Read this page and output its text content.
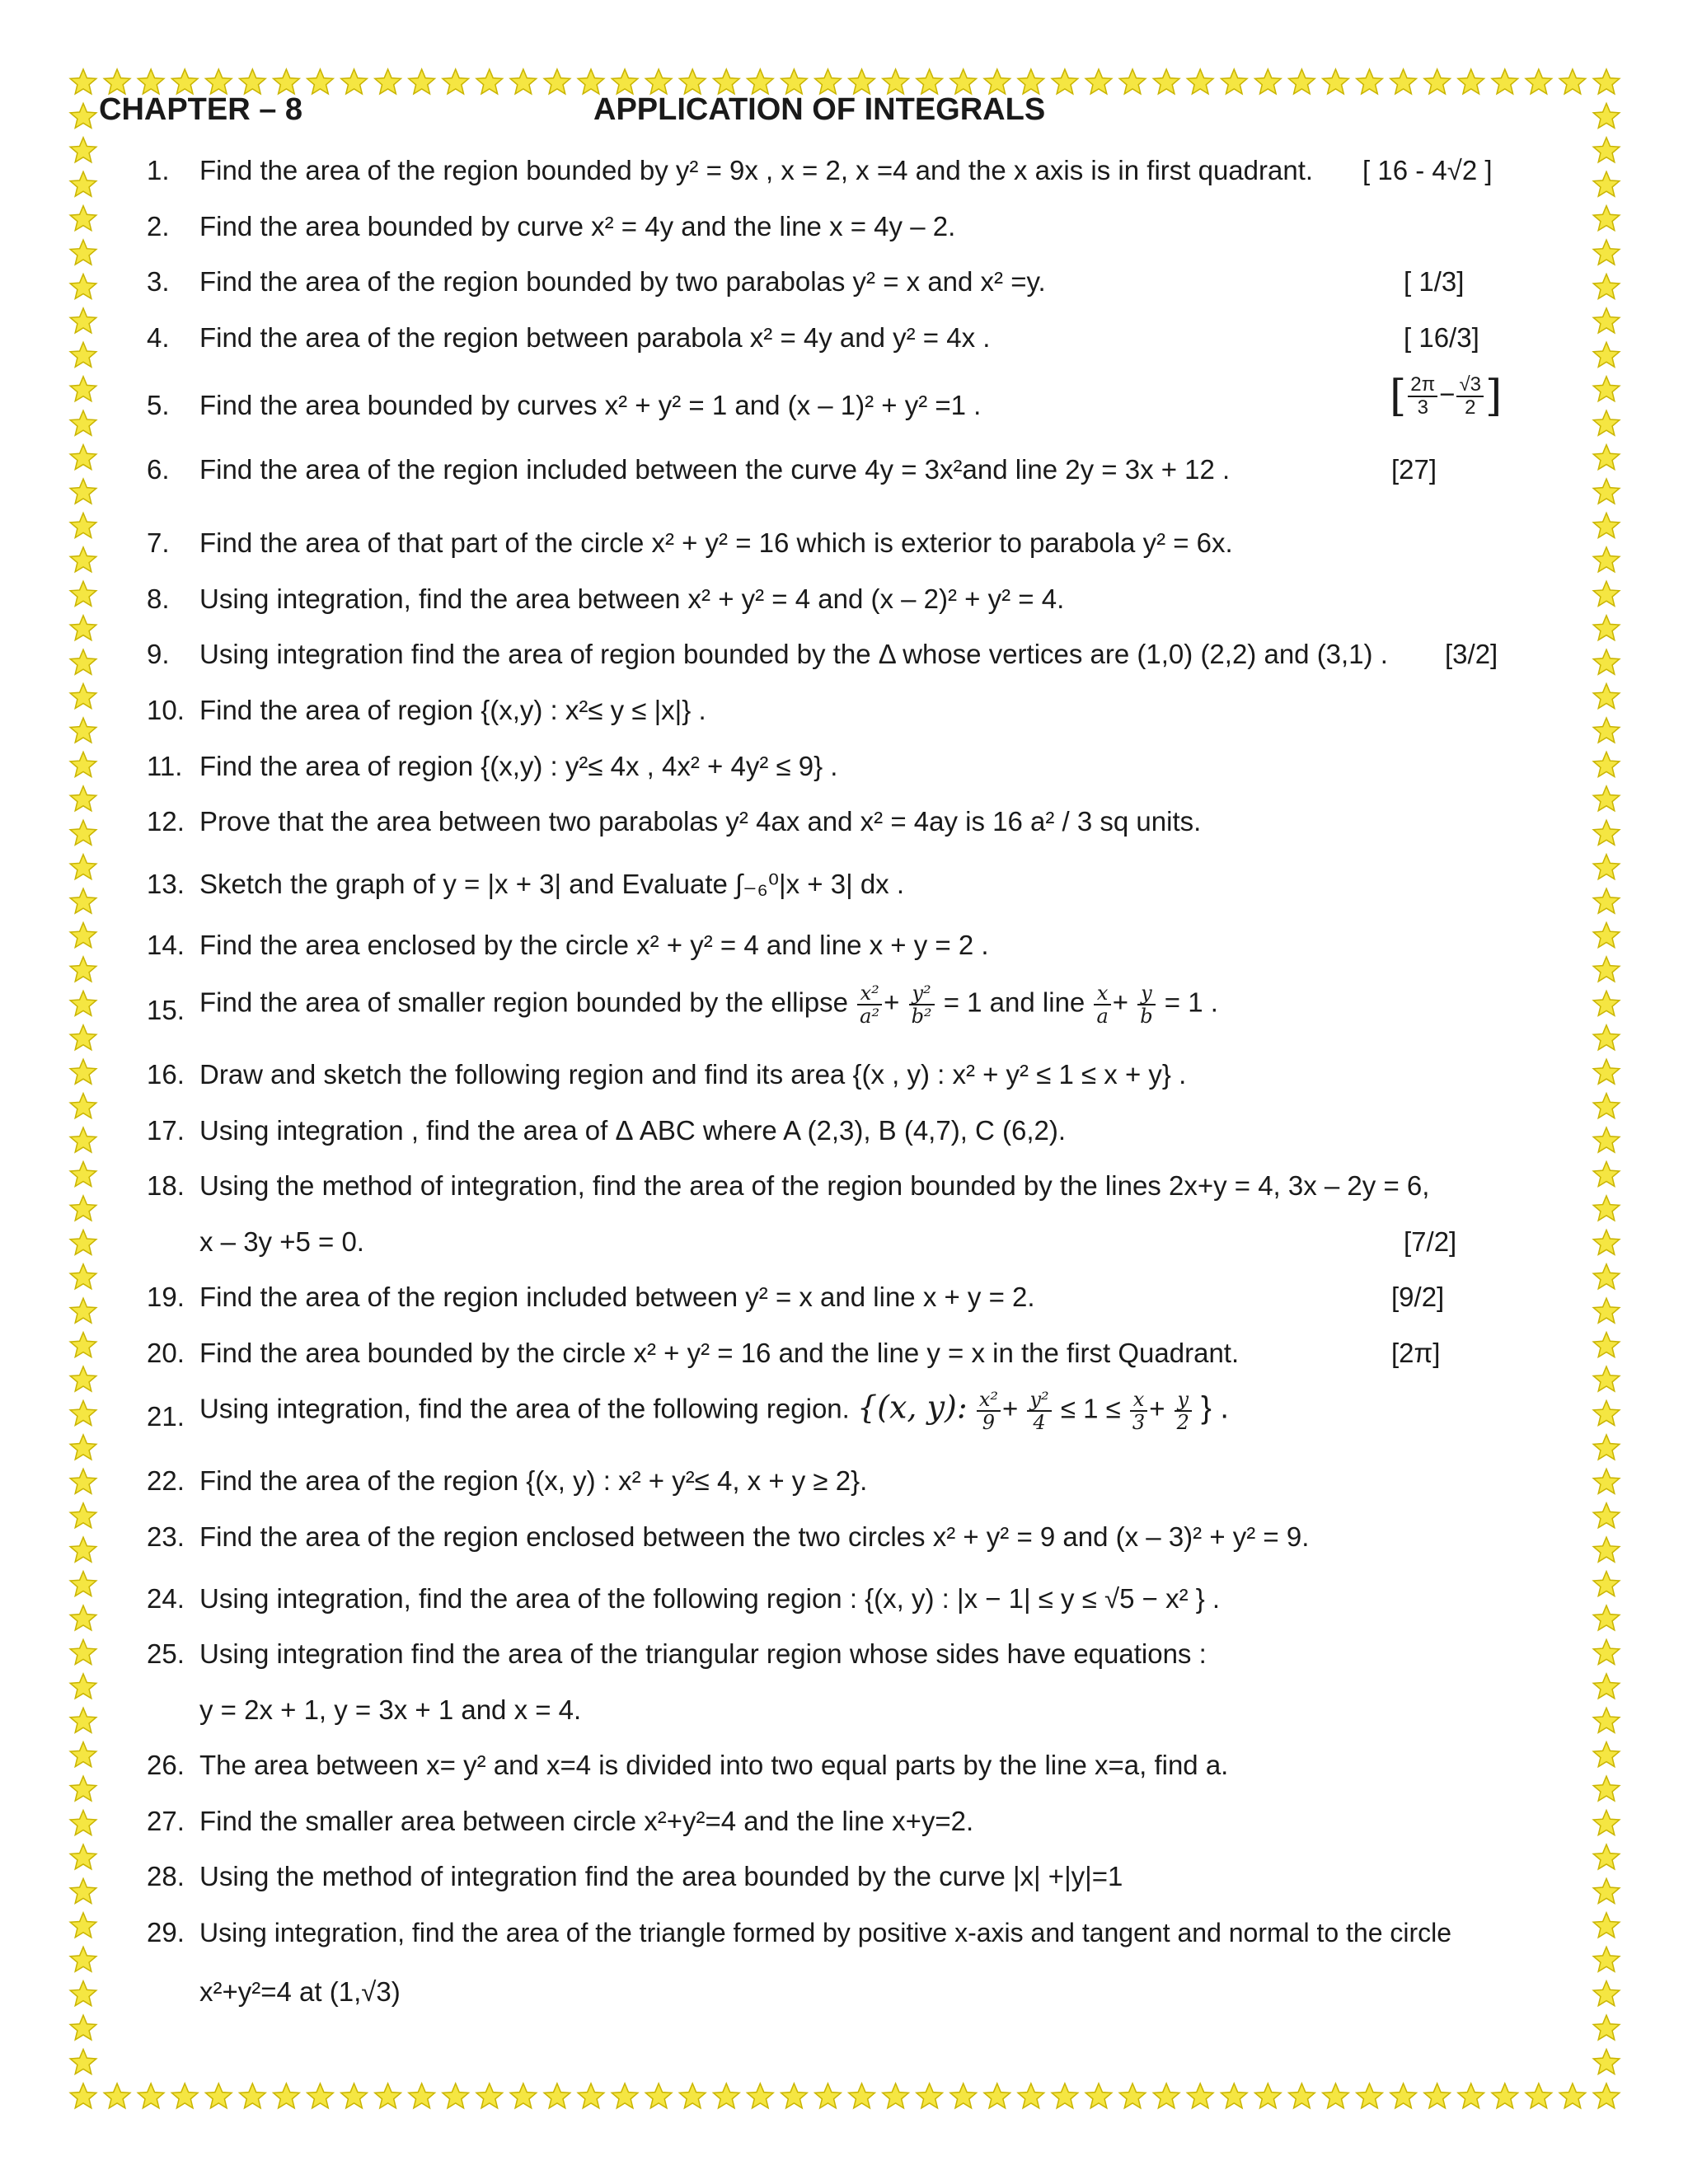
CHAPTER – 8	APPLICATION OF INTEGRALS
1.	Find the area of the region bounded by y² = 9x , x = 2, x =4 and the x axis is in first quadrant. [ 16 - 4√2 ]
2.	Find the area bounded by curve x² = 4y and the line x = 4y – 2.
3.	Find the area of the region bounded by two parabolas y² = x and x² =y.	[ 1/3]
4.	Find the area of the region between parabola x² = 4y and y² = 4x .	[ 16/3]
5.	Find the area bounded by curves x² + y² = 1 and (x – 1)² + y² =1 .	[ $\frac{2\pi}{3} - \frac{√3}{2}$ ]
6.	Find the area of the region included between the curve 4y = 3x²and line 2y = 3x + 12 .	[27]
7.	Find the area of that part of the circle x² + y² = 16 which is exterior to parabola y² = 6x.
8.	Using integration, find the area between x² + y² = 4 and (x – 2)² + y² = 4.
9.	Using integration find the area of region bounded by the Δ whose vertices are (1,0) (2,2) and (3,1) . [3/2]
10. Find the area of region {(x,y) : x²≤ y ≤ |x|} .
11. Find the area of region {(x,y) : y²≤ 4x , 4x² + 4y² ≤ 9} .
12. Prove that the area between two parabolas y² 4ax and x² = 4ay is 16 a² / 3 sq units.
13. Sketch the graph of y = |x + 3| and Evaluate ∫₋₆⁰|x + 3| dx .
14. Find the area enclosed by the circle x² + y² = 4 and line x + y = 2 .
15. Find the area of smaller region bounded by the ellipse $\frac{\text{x²}}{\text{a²}} + \frac{\text{y²}}{\text{b²}} = 1$ and line $\frac{x}{a} + \frac{y}{b} = 1$ .
16. Draw and sketch the following region and find its area {(x , y) : x² + y² ≤ 1 ≤ x + y} .
17. Using integration , find the area of Δ ABC where A (2,3), B (4,7), C (6,2).
18. Using the method of integration, find the area of the region bounded by the lines 2x+y = 4, 3x – 2y = 6,
x – 3y +5 = 0.	[7/2]
19. Find the area of the region included between y² = x and line x + y = 2.	[9/2]
20. Find the area bounded by the circle x² + y² = 16 and the line y = x in the first Quadrant.	[2π]
21. Using integration, find the area of the following region. {(x, y): $\frac{\text{x²}}{9} + \frac{\text{y²}}{4} \le 1 \le \frac{x}{3} + \frac{y}{2}$ } .
22. Find the area of the region {(x, y) : x² + y²≤ 4, x + y ≥ 2}.
23. Find the area of the region enclosed between the two circles x² + y² = 9 and (x – 3)² + y² = 9.
24. Using integration, find the area of the following region : {(x, y) : |x − 1| ≤ y ≤ √5 − x² } .
25. Using integration find the area of the triangular region whose sides have equations :
y = 2x + 1, y = 3x + 1 and x = 4.
26. The area between x= y² and x=4 is divided into two equal parts by the line x=a, find a.
27. Find the smaller area between circle x²+y²=4 and the line x+y=2.
28. Using the method of integration find the area bounded by the curve |x| +|y|=1
29. Using integration, find the area of the triangle formed by positive x-axis and tangent and normal to the circle
x²+y²=4 at (1,√3)
